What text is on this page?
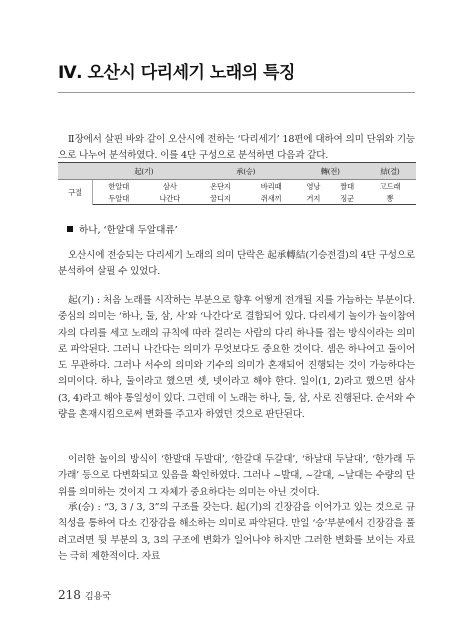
Ⅳ. 오산시 다리세기 노래의 특징

Ⅱ장에서 살핀 바와 같이 오산시에 전하는 ‘다리세기’ 18편에 대하여 의미 단위와 기능으로 나누어 분석하였다. 이를 4단 구성으로 분석하면 다음과 같다.

	起(기)		承(승)		轉(전)		結(결)
구절	한알대	삼사	온단지	바리때	영낭	짤대	고드래
	두알대	나간다	꿀디지	쥐새끼	거지	징군	뽕
하나, ‘한알대 두알대류’

오산시에 전승되는 다리세기 노래의 의미 단락은 起承轉結(기승전결)의 4단 구성으로 분석하여 살필 수 있었다.

起(기) : 처음 노래를 시작하는 부분으로 향후 어떻게 전개될 지를 가늠하는 부분이다. 중심의 의미는 ‘하나, 둘, 삼, 사’와 ‘나간다’로 결합되어 있다. 다리세기 놀이가 놀이참여자의 다리를 세고 노래의 규칙에 따라 걸리는 사람의 다리 하나를 접는 방식이라는 의미로 파악된다. 그러니 나간다는 의미가 무엇보다도 중요한 것이다. 셈은 하나여고 둘이어도 무관하다. 그러나 서수의 의미와 기수의 의미가 혼재되어 진행되는 것이 가능하다는 의미이다. 하나, 둘이라고 했으면 셋, 넷이라고 해야 한다. 일이(1, 2)라고 했으면 삼사(3, 4)라고 해야 통일성이 있다. 그런데 이 노래는 하나, 둘, 삼, 사로 진행된다. 순서와 수량을 혼재시킴으로써 변화를 주고자 하였던 것으로 판단된다.

이러한 놀이의 방식이 ‘한발대 두발대’, ‘한갈대 두갈대’, ‘하날대 두날대’, ‘한가래 두가래’ 등으로 다변화되고 있음을 확인하였다. 그러나 ~발대, ~갈대, ~날대는 수량의 단위를 의미하는 것이지 그 자체가 중요하다는 의미는 아닌 것이다.

承(승) : “3, 3 / 3, 3”의 구조를 갖는다. 起(기)의 긴장감을 이어가고 있는 것으로 규칙성을 통하여 다소 긴장감을 해소하는 의미로 파악된다. 만일 ‘승’부분에서 긴장감을 풀려고려면 뒷 부분의 3, 3의 구조에 변화가 일어나야 하지만 그러한 변화를 보이는 자료는 극히 제한적이다. 자료

218 김용국
